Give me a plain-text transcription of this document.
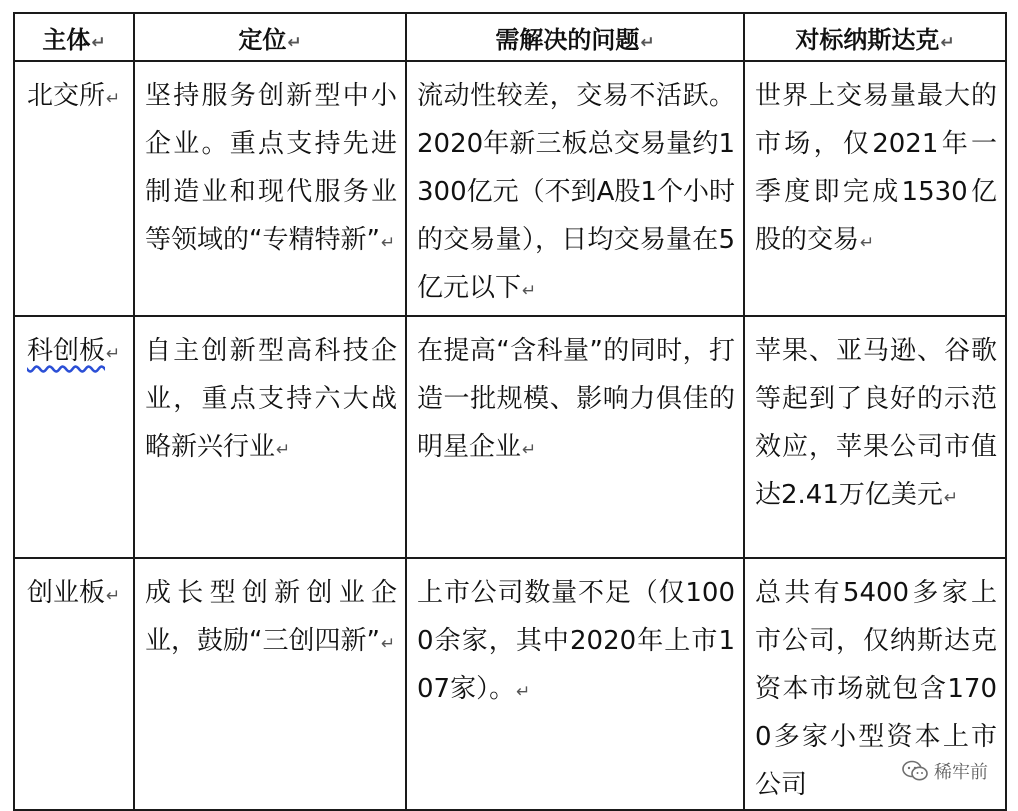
主体↵	定位↵	需解决的问题↵	对标纳斯达克↵
北交所↵	坚持服务创新型中小企业。重点支持先进制造业和现代服务业等领域的“专精特新”↵	流动性较差，交易不活跃。2020年新三板总交易量约1300亿元（不到A股1个小时的交易量），日均交易量在5亿元以下↵	世界上交易量最大的市场，仅2021年一季度即完成1530亿股的交易↵
科创板↵	自主创新型高科技企业，重点支持六大战略新兴行业↵	在提高“含科量”的同时，打造一批规模、影响力俱佳的明星企业↵	苹果、亚马逊、谷歌等起到了良好的示范效应，苹果公司市值达2.41万亿美元↵
创业板↵	成长型创新创业企业，鼓励“三创四新”↵	上市公司数量不足（仅1000余家，其中2020年上市107家）。↵	总共有5400多家上市公司，仅纳斯达克资本市场就包含1700多家小型资本上市公司	稀牢前
